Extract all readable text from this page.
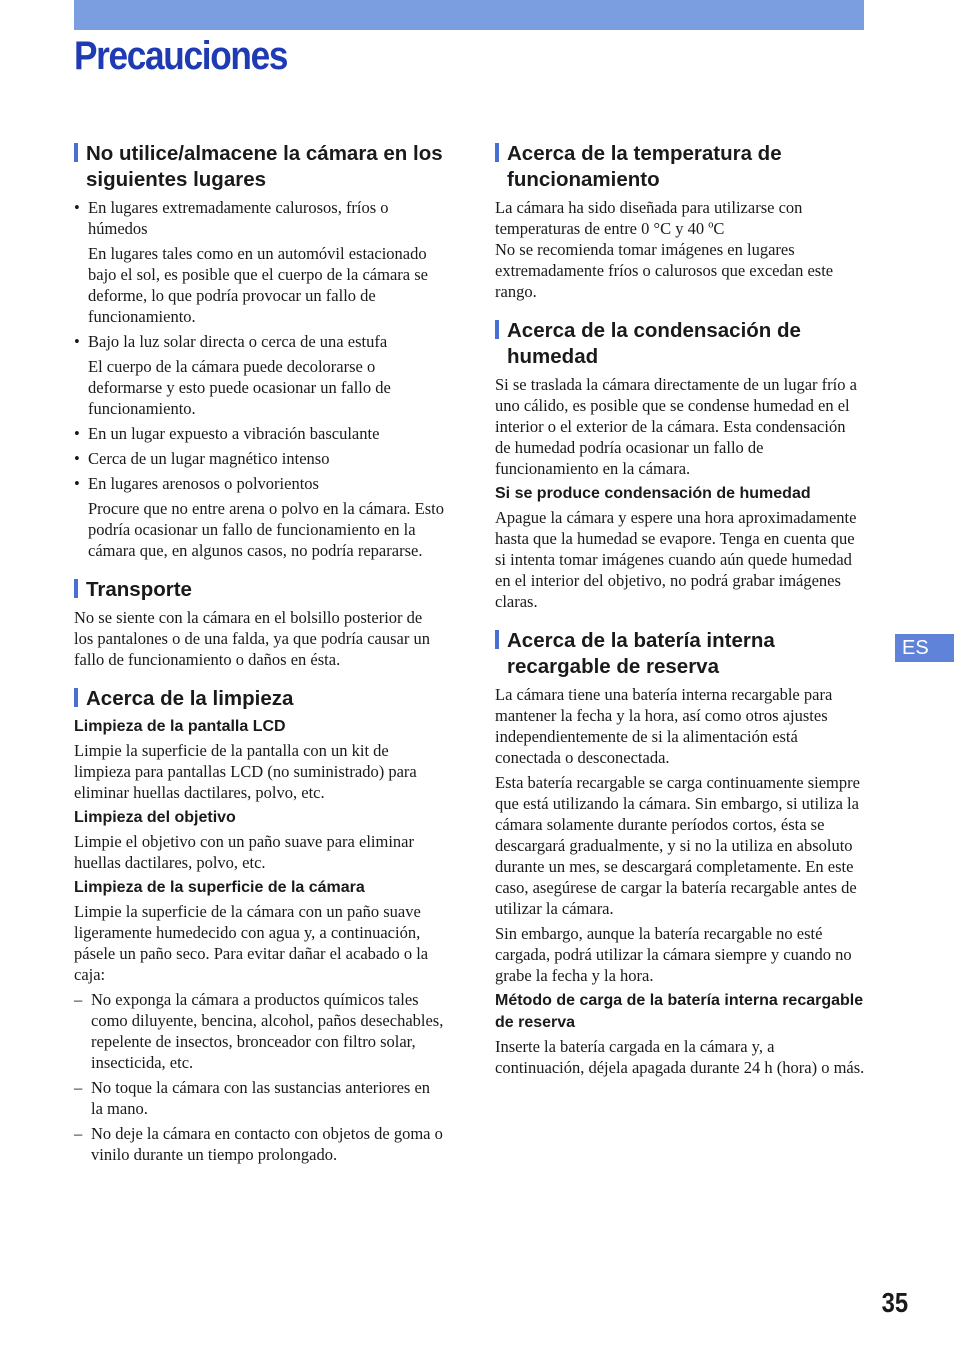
Precauciones
No utilice/almacene la cámara en los siguientes lugares
• En lugares extremadamente calurosos, fríos o húmedos
En lugares tales como en un automóvil estacionado bajo el sol, es posible que el cuerpo de la cámara se deforme, lo que podría provocar un fallo de funcionamiento.
• Bajo la luz solar directa o cerca de una estufa
El cuerpo de la cámara puede decolorarse o deformarse y esto puede ocasionar un fallo de funcionamiento.
• En un lugar expuesto a vibración basculante
• Cerca de un lugar magnético intenso
• En lugares arenosos o polvorientos
Procure que no entre arena o polvo en la cámara. Esto podría ocasionar un fallo de funcionamiento en la cámara que, en algunos casos, no podría repararse.
Transporte

No se siente con la cámara en el bolsillo posterior de los pantalones o de una falda, ya que podría causar un fallo de funcionamiento o daños en ésta.

Acerca de la limpieza
Limpieza de la pantalla LCD

Limpie la superficie de la pantalla con un kit de limpieza para pantallas LCD (no suministrado) para eliminar huellas dactilares, polvo, etc.

Limpieza del objetivo

Limpie el objetivo con un paño suave para eliminar huellas dactilares, polvo, etc.

Limpieza de la superficie de la cámara

Limpie la superficie de la cámara con un paño suave ligeramente humedecido con agua y, a continuación, pásele un paño seco. Para evitar dañar el acabado o la caja:

– No exponga la cámara a productos químicos tales como diluyente, bencina, alcohol, paños desechables, repelente de insectos, bronceador con filtro solar, insecticida, etc.
– No toque la cámara con las sustancias anteriores en la mano.
– No deje la cámara en contacto con objetos de goma o vinilo durante un tiempo prolongado.
Acerca de la temperatura de funcionamiento

La cámara ha sido diseñada para utilizarse con temperaturas de entre 0 °C y 40 ºC
No se recomienda tomar imágenes en lugares extremadamente fríos o calurosos que excedan este rango.

Acerca de la condensación de humedad

Si se traslada la cámara directamente de un lugar frío a uno cálido, es posible que se condense humedad en el interior o el exterior de la cámara. Esta condensación de humedad podría ocasionar un fallo de funcionamiento en la cámara.

Si se produce condensación de humedad

Apague la cámara y espere una hora aproximadamente hasta que la humedad se evapore. Tenga en cuenta que si intenta tomar imágenes cuando aún quede humedad en el interior del objetivo, no podrá grabar imágenes claras.

Acerca de la batería interna recargable de reserva

La cámara tiene una batería interna recargable para mantener la fecha y la hora, así como otros ajustes independientemente de si la alimentación está conectada o desconectada.

Esta batería recargable se carga continuamente siempre que está utilizando la cámara. Sin embargo, si utiliza la cámara solamente durante períodos cortos, ésta se descargará gradualmente, y si no la utiliza en absoluto durante un mes, se descargará completamente. En este caso, asegúrese de cargar la batería recargable antes de utilizar la cámara.

Sin embargo, aunque la batería recargable no esté cargada, podrá utilizar la cámara siempre y cuando no grabe la fecha y la hora.

Método de carga de la batería interna recargable de reserva

Inserte la batería cargada en la cámara y, a continuación, déjela apagada durante 24 h (hora) o más.

ES
35
